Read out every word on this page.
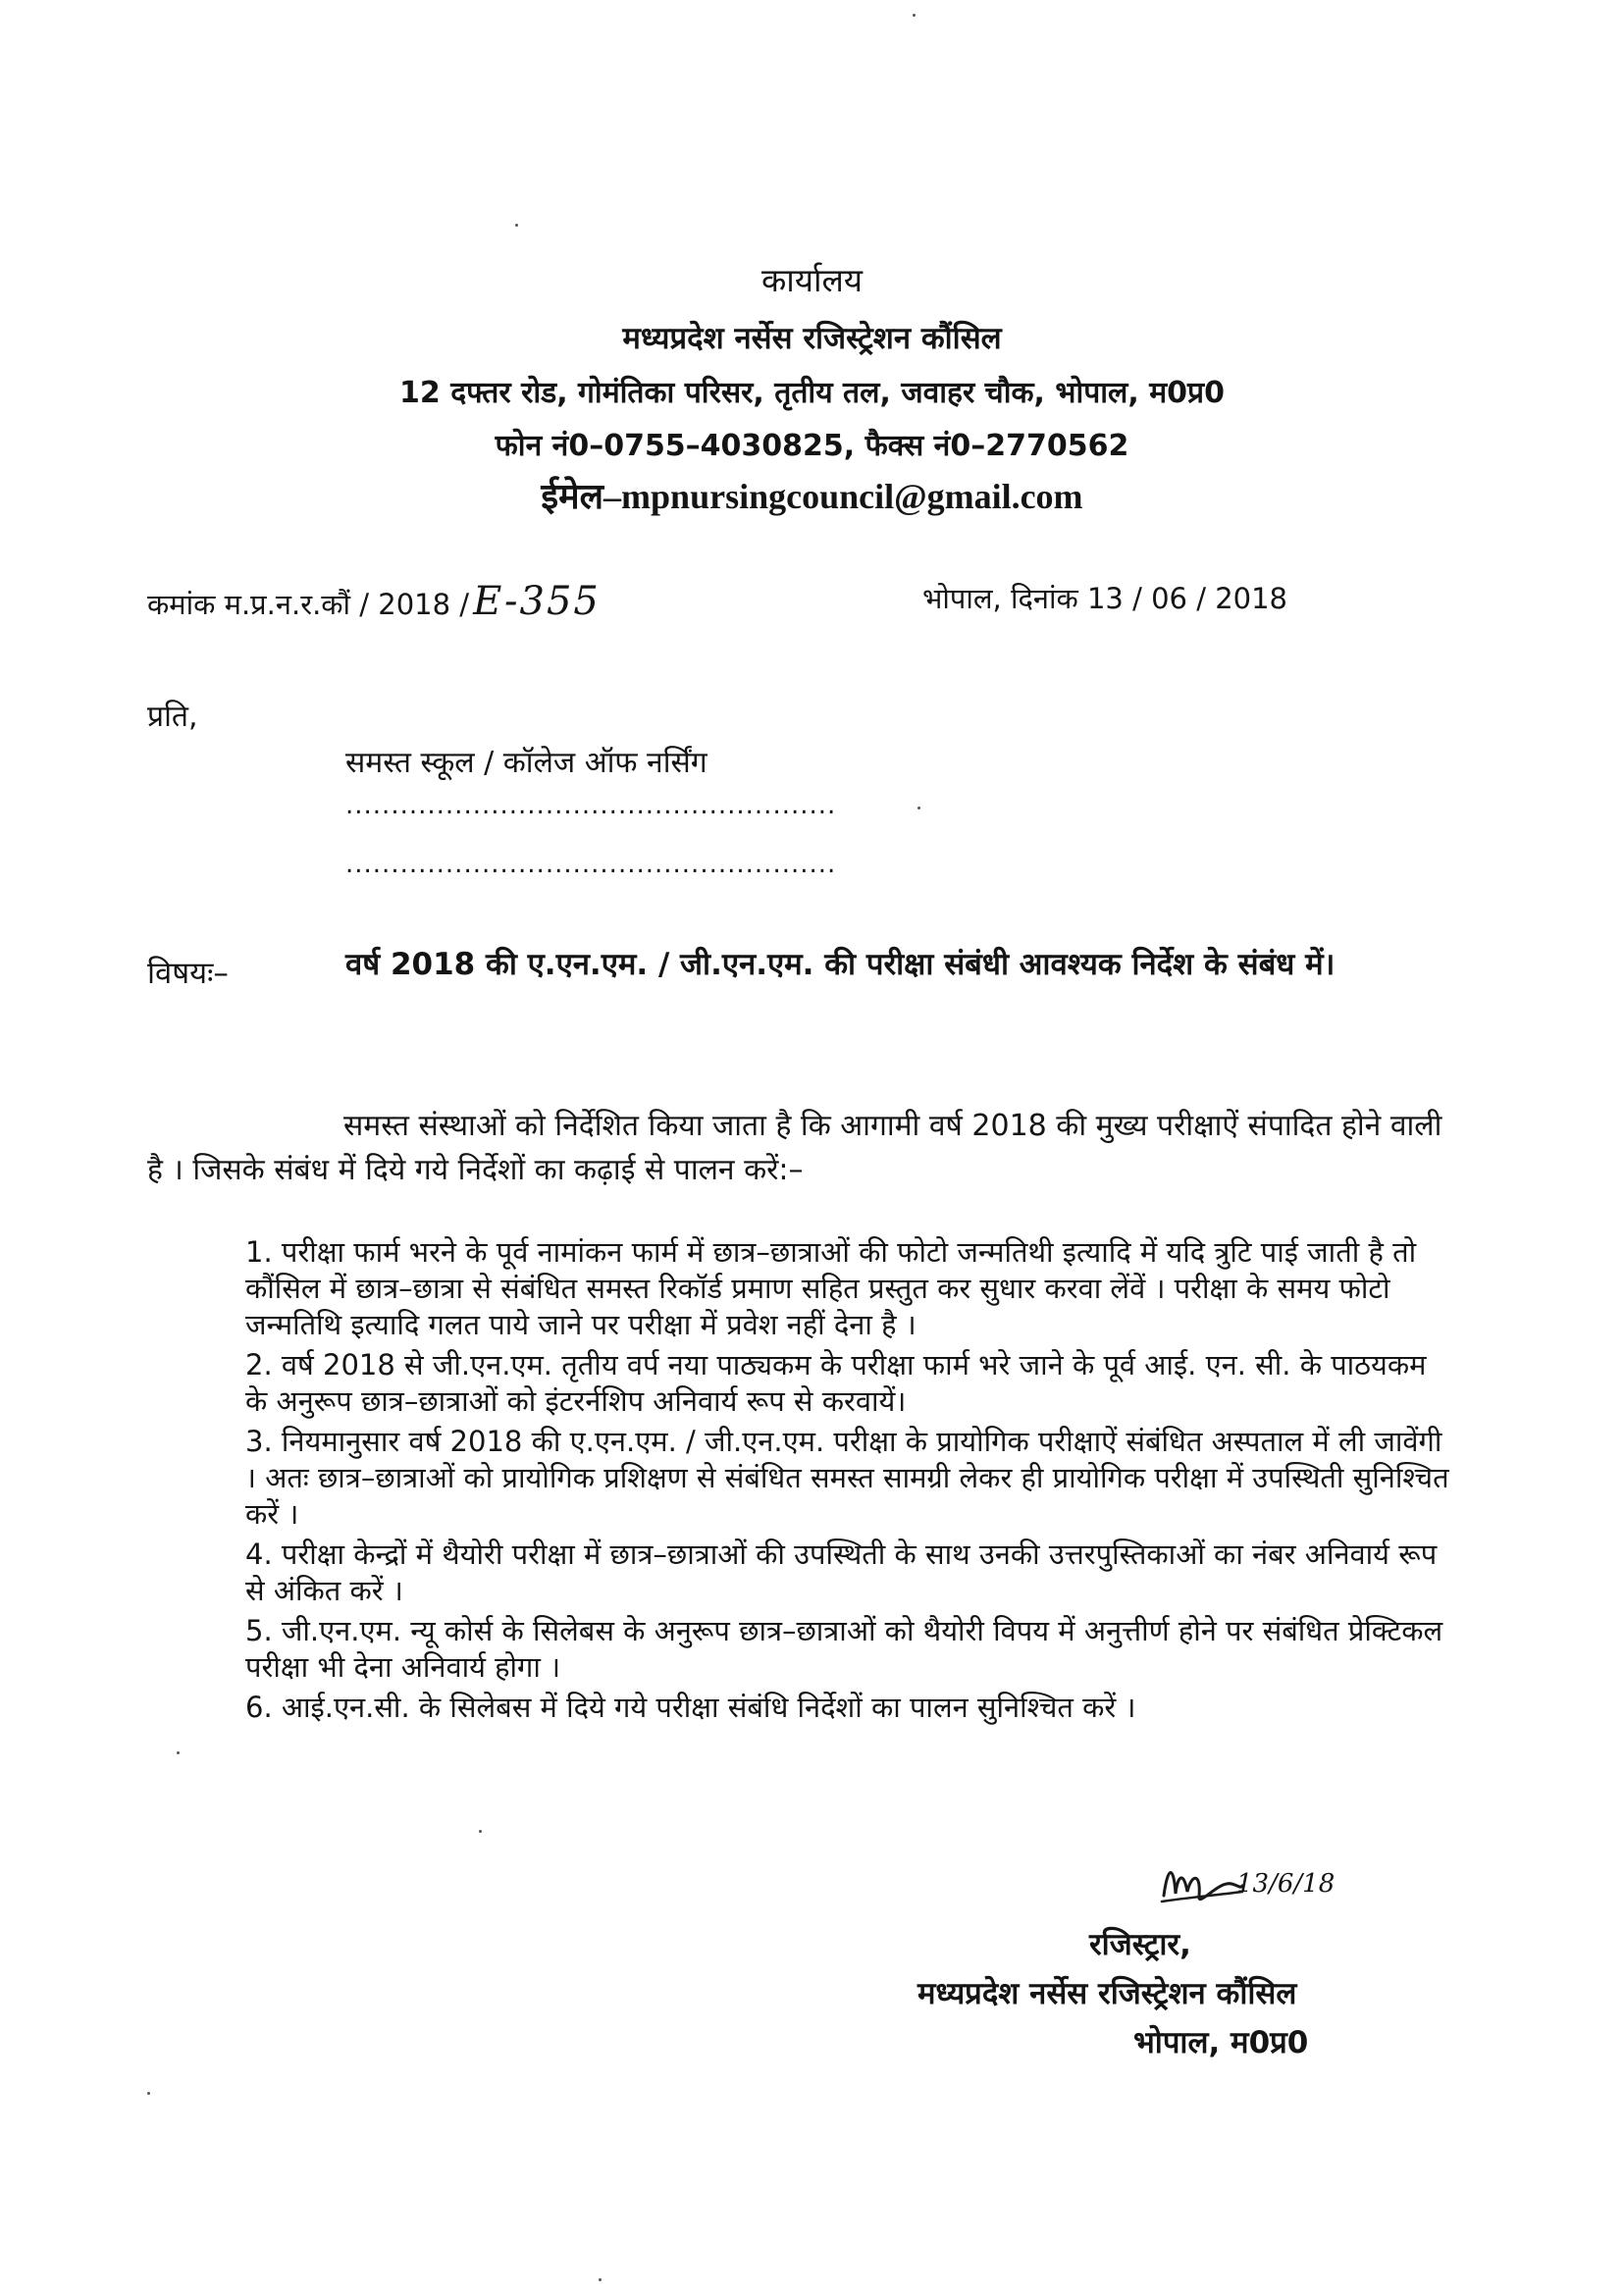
कार्यालय
मध्यप्रदेश नर्सेस रजिस्ट्रेशन कौंसिल
12 दफ्तर रोड, गोमंतिका परिसर, तृतीय तल, जवाहर चौक, भोपाल, म0प्र0
फोन नं0–0755–4030825, फैक्स नं0–2770562
ईमेल–mpnursingcouncil@gmail.com
कमांक म.प्र.न.र.कौं / 2018 / E-355	भोपाल, दिनांक 13 / 06 / 2018
प्रति,
समस्त स्कूल / कॉलेज ऑफ नर्सिंग
......................................................
......................................................
विषयः–	वर्ष 2018 की ए.एन.एम. / जी.एन.एम. की परीक्षा संबंधी आवश्यक निर्देश के संबंध में।
समस्त संस्थाओं को निर्देशित किया जाता है कि आगामी वर्ष 2018 की मुख्य परीक्षाऐं संपादित होने वाली है । जिसके संबंध में दिये गये निर्देशों का कढ़ाई से पालन करें:–
1. परीक्षा फार्म भरने के पूर्व नामांकन फार्म में छात्र–छात्राओं की फोटो जन्मतिथी इत्यादि में यदि त्रुटि पाई जाती है तो कौंसिल में छात्र–छात्रा से संबंधित समस्त रिकॉर्ड प्रमाण सहित प्रस्तुत कर सुधार करवा लेंवें । परीक्षा के समय फोटो जन्मतिथि इत्यादि गलत पाये जाने पर परीक्षा में प्रवेश नहीं देना है ।
2. वर्ष 2018 से जी.एन.एम. तृतीय वर्प नया पाठ्यकम के परीक्षा फार्म भरे जाने के पूर्व आई. एन. सी. के पाठयकम के अनुरूप छात्र–छात्राओं को इंटरर्नशिप अनिवार्य रूप से करवायें।
3. नियमानुसार वर्ष 2018 की ए.एन.एम. / जी.एन.एम. परीक्षा के प्रायोगिक परीक्षाऐं संबंधित अस्पताल में ली जावेंगी । अतः छात्र–छात्राओं को प्रायोगिक प्रशिक्षण से संबंधित समस्त सामग्री लेकर ही प्रायोगिक परीक्षा में उपस्थिती सुनिश्चित करें ।
4. परीक्षा केन्द्रों में थैयोरी परीक्षा में छात्र–छात्राओं की उपस्थिती के साथ उनकी उत्तरपुस्तिकाओं का नंबर अनिवार्य रूप से अंकित करें ।
5. जी.एन.एम. न्यू कोर्स के सिलेबस के अनुरूप छात्र–छात्राओं को थैयोरी विपय में अनुत्तीर्ण होने पर संबंधित प्रेक्टिकल परीक्षा भी देना अनिवार्य होगा ।
6. आई.एन.सी. के सिलेबस में दिये गये परीक्षा संबंधि निर्देशों का पालन सुनिश्चित करें ।
13/6/18
रजिस्ट्रार,
मध्यप्रदेश नर्सेस रजिस्ट्रेशन कौंसिल
भोपाल, म0प्र0
